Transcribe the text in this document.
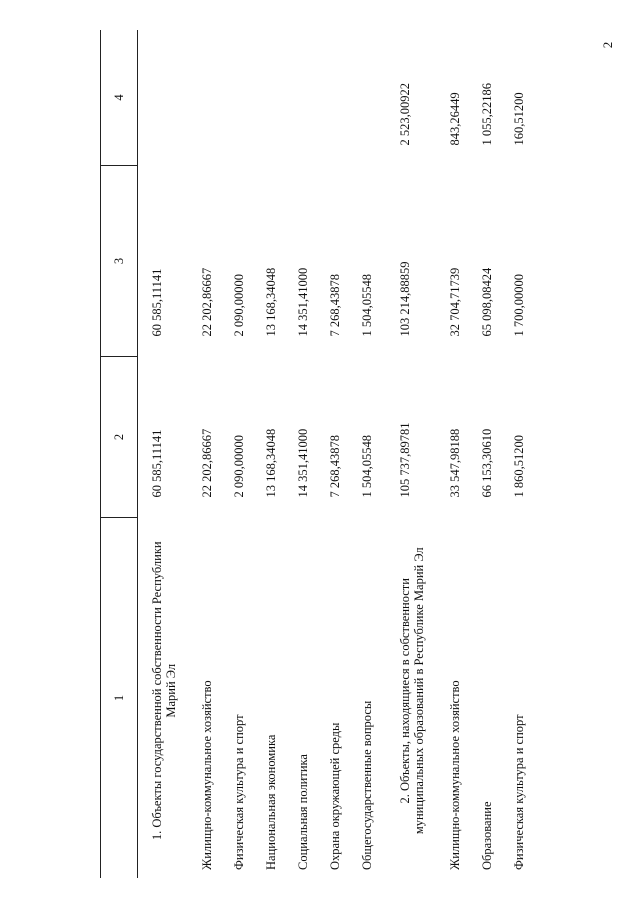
2
1	2	3	4
1. Объекты государственной собственности Республики Марий Эл	60 585,11141	60 585,11141	
Жилищно-коммунальное хозяйство	22 202,86667	22 202,86667	
Физическая культура и спорт	2 090,00000	2 090,00000	
Национальная экономика	13 168,34048	13 168,34048	
Социальная политика	14 351,41000	14 351,41000	
Охрана окружающей среды	7 268,43878	7 268,43878	
Общегосударственные вопросы	1 504,05548	1 504,05548	
2. Объекты, находящиеся в собственности муниципальных образований в Республике Марий Эл	105 737,89781	103 214,88859	2 523,00922
Жилищно-коммунальное хозяйство	33 547,98188	32 704,71739	843,26449
Образование	66 153,30610	65 098,08424	1 055,22186
Физическая культура и спорт	1 860,51200	1 700,00000	160,51200
